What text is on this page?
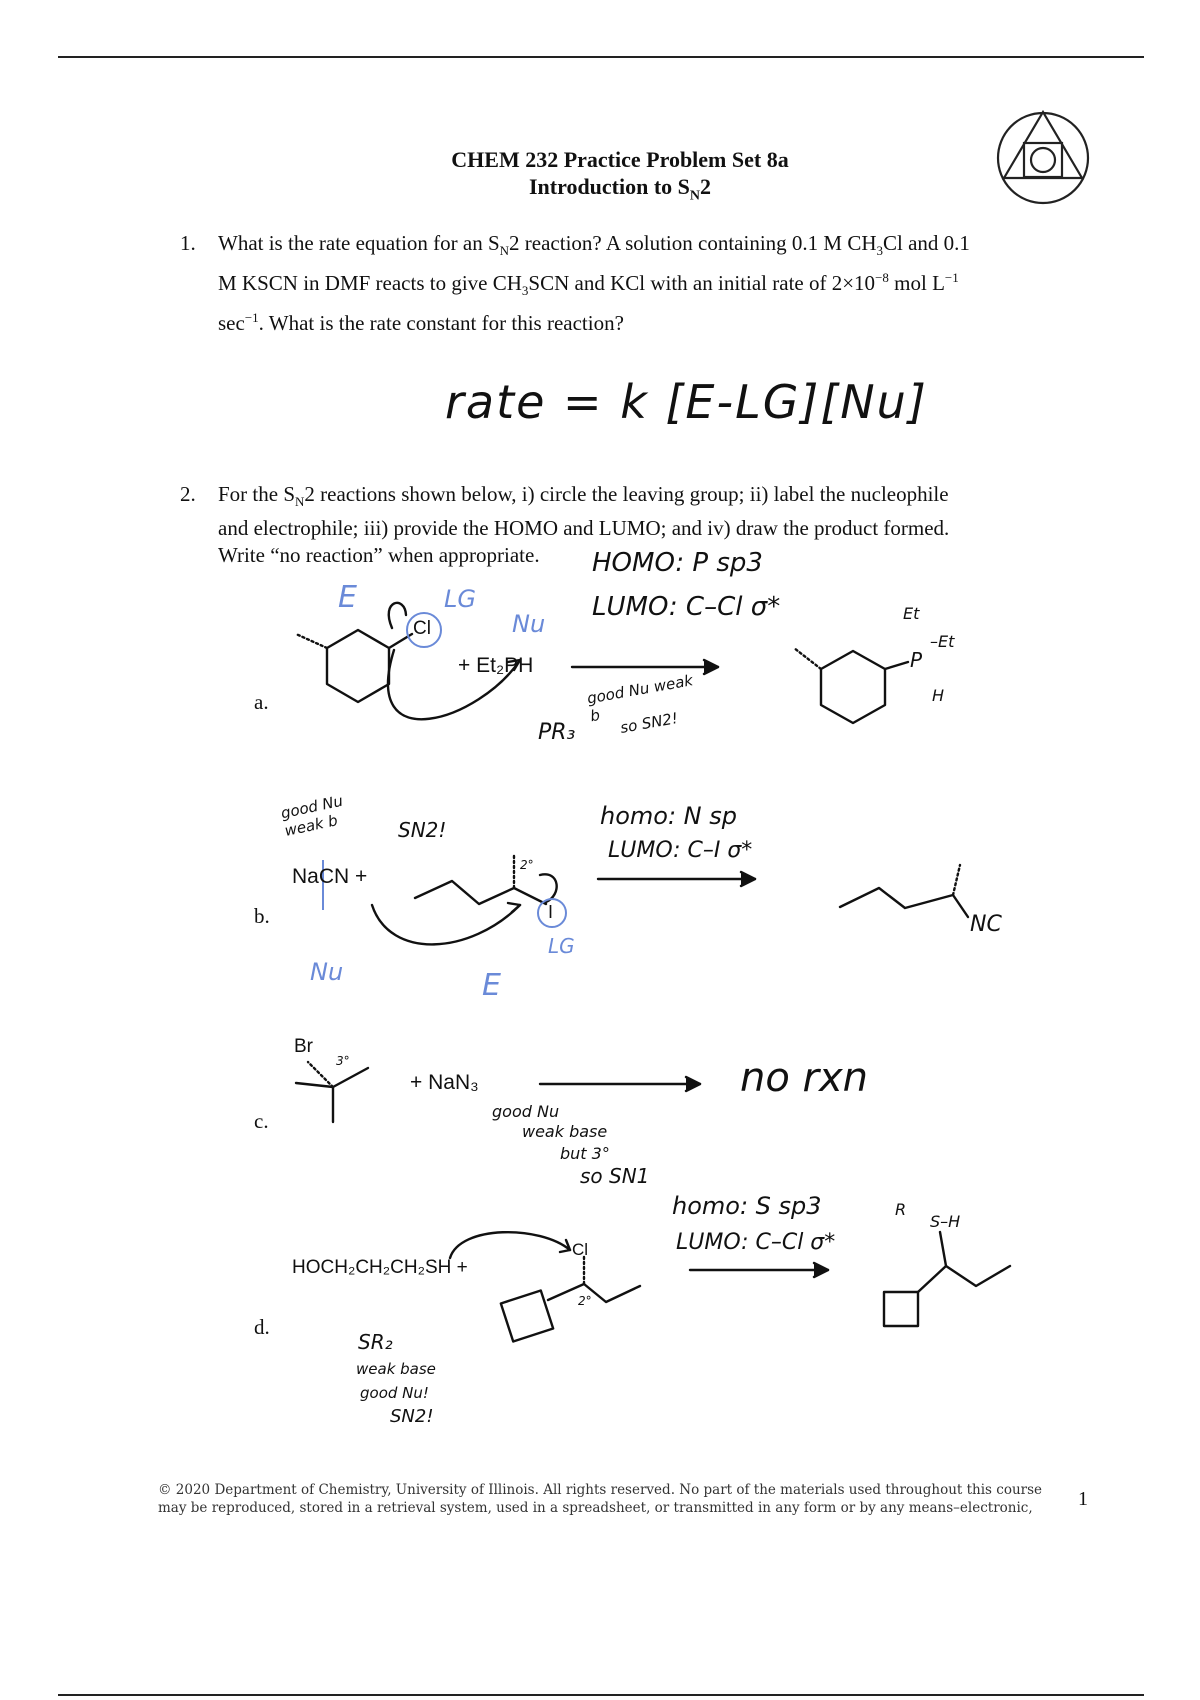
CHEM 232 Practice Problem Set 8a
Introduction to $S_N2$
1. What is the rate equation for an $S_N2$ reaction? A solution containing 0.1 M $CH_3Cl$ and 0.1
M KSCN in DMF reacts to give $CH_3SCN$ and KCl with an initial rate of $2\times 10^{-8}$ mol $L^{-1}$
$\sec^{-1}$. What is the rate constant for this reaction?
rate = k [E-LG][Nu]
2. For the $S_N2$ reactions shown below, i) circle the leaving group; ii) label the nucleophile
and electrophile; iii) provide the HOMO and LUMO; and iv) draw the product formed.
Write “no reaction” when appropriate.
a.
b.
c.
d.
Cl
+ Et₂PH
E	LG
Nu
HOMO: P sp3
LUMO: C–Cl σ*
good Nu weak b
PR₃	so SN2!
Et
P
–Et
H
NaCN +
I
2°
homo: N sp
LUMO: C–I σ*
good Nu weak b	SN2!
Nu	E
LG
NC
Br
3°
+ NaN₃	no rxn
good Nu
weak base
but 3°
so SN1
HOCH₂CH₂CH₂SH +
Cl
2°
homo: S sp3
LUMO: C–Cl σ*
SR₂
weak base
good Nu!
SN2!
R
S–H
© 2020 Department of Chemistry, University of Illinois. All rights reserved. No part of the materials used throughout this course may be reproduced, stored in a retrieval system, used in a spreadsheet, or transmitted in any form or by any means–electronic,	1
